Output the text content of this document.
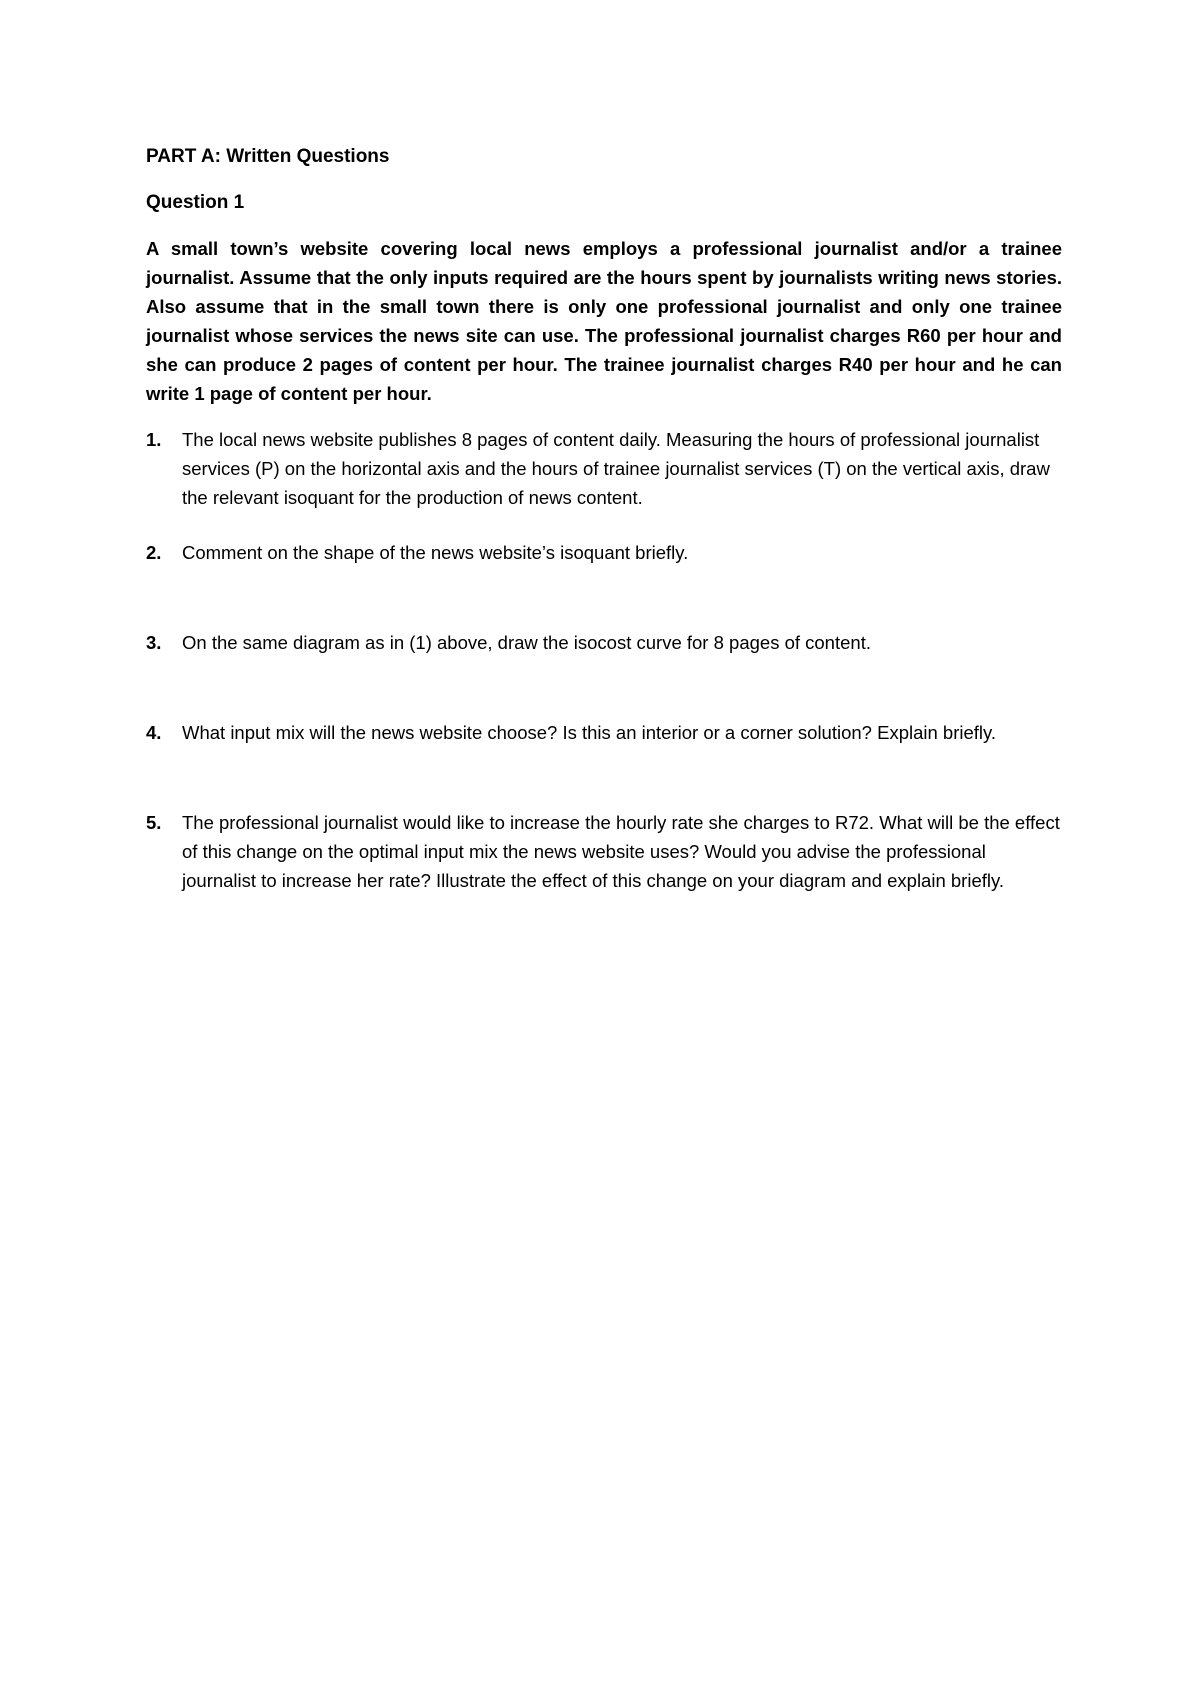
PART A: Written Questions
Question 1

A small town’s website covering local news employs a professional journalist and/or a trainee journalist. Assume that the only inputs required are the hours spent by journalists writing news stories. Also assume that in the small town there is only one professional journalist and only one trainee journalist whose services the news site can use. The professional journalist charges R60 per hour and she can produce 2 pages of content per hour. The trainee journalist charges R40 per hour and he can write 1 page of content per hour.

1. The local news website publishes 8 pages of content daily. Measuring the hours of professional journalist services (P) on the horizontal axis and the hours of trainee journalist services (T) on the vertical axis, draw the relevant isoquant for the production of news content.
2. Comment on the shape of the news website’s isoquant briefly.
3. On the same diagram as in (1) above, draw the isocost curve for 8 pages of content.
4. What input mix will the news website choose? Is this an interior or a corner solution? Explain briefly.
5. The professional journalist would like to increase the hourly rate she charges to R72. What will be the effect of this change on the optimal input mix the news website uses? Would you advise the professional journalist to increase her rate? Illustrate the effect of this change on your diagram and explain briefly.
